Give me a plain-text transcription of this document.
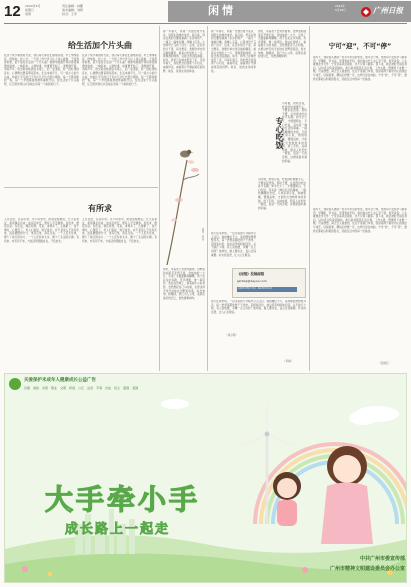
12 2024年5月
星期日
闲情
责任编辑：林鹏
美术编辑：刘婷
校对：王军	闲情	2024年
5月26日	广州日报
给生活加个片头曲
在这个快节奏的时代里，我们每天都在忙碌地奔波。早上匆匆起床，挤地铁，赶公交，一天的工作与学习让人身心疲惫。于是我常常想，能不能给生活加一个片头曲？就像电视剧开场时那段熟悉的旋律，一响起来，人就知道，故事要开始了。清晨推开窗，鸟鸣声声，阳光斜斜地洒在书桌上，泡一壶清茶，听一段轻快的音乐，心情便也跟着明亮起来。生活本就平凡，可一段小小的片头曲，却能让平凡的日子多出几分仪式感与期待。每一天都是新的一集，每一个早晨都值得被郑重地开启。给生活加个片头曲吧，让它陪伴我们从容地走进每一个崭新的日子。
在这个快节奏的时代里，我们每天都在忙碌地奔波。早上匆匆起床，挤地铁，赶公交，一天的工作与学习让人身心疲惫。于是我常常想，能不能给生活加一个片头曲？就像电视剧开场时那段熟悉的旋律，一响起来，人就知道，故事要开始了。清晨推开窗，鸟鸣声声，阳光斜斜地洒在书桌上，泡一壶清茶，听一段轻快的音乐，心情便也跟着明亮起来。生活本就平凡，可一段小小的片头曲，却能让平凡的日子多出几分仪式感与期待。每一天都是新的一集，每一个早晨都值得被郑重地开启。给生活加个片头曲吧，让它陪伴我们从容地走进每一个崭新的日子。
有所求
人生在世，总有所求。年少时求学，盼望金榜题名；长大后求业，希望事业有成；成家后求安，愿家人平安健康。有所求，便有所追；有所追，便有所得。可是，求得多了，心便累了；求不得时，心便苦了。老人们常说，知足常乐。并不是说人不该有所求，而是要懂得分寸，求其可求，舍其当舍。一个人若无所求，便少了前行的动力；一个人若所求太多，便少了生活的乐趣。有所求，亦有所不求，方能活得洒脱自在，不负此生。
人生在世，总有所求。年少时求学，盼望金榜题名；长大后求业，希望事业有成；成家后求安，愿家人平安健康。有所求，便有所追；有所追，便有所得。可是，求得多了，心便累了；求不得时，心便苦了。老人们常说，知足常乐。并不是说人不该有所求，而是要懂得分寸，求其可求，舍其当舍。一个人若无所求，便少了前行的动力；一个人若所求太多，便少了生活的乐趣。有所求，亦有所不求，方能活得洒脱自在，不负此生。
那一年春天，我第一次独自离开家乡，到陌生的城市求学。临行前，母亲在我的行囊里塞满了家乡的特产，一遍又一遍地叮嘱。我嘴上应着，心里却早已飞向了远方。后来，在异乡的日子里，每当想家，我便会拿出母亲做的腌菜，就着白米饭吃上一口，那熟悉的味道，总能让我泪流满面。如今，我早已在城市里安了家，可每年春天，我依然会回到那个小村庄，看看母亲，看看那片开满油菜花的田野。故乡，是我永远的牵挂。
插图：陈佳
周末，带着孩子去郊外踏青。田野里的油菜花开得正盛，金灿灿的一大片，引来了无数蜜蜂和蝴蝶。孩子在花丛中奔跑，笑声清脆，像一串风铃。我站在田埂上，看着她小小的身影，忽然想起自己小时候，也曾这样无忧无虑地在田野里追逐。时光匆匆，转眼间，我已为人父母，而那些美好的记忆，依然清晰如昨。
那一年春天，我第一次独自离开家乡，到陌生的城市求学。临行前，母亲在我的行囊里塞满了家乡的特产，一遍又一遍地叮嘱。我嘴上应着，心里却早已飞向了远方。后来，在异乡的日子里，每当想家，我便会拿出母亲做的腌菜，就着白米饭吃上一口，那熟悉的味道，总能让我泪流满面。如今，我早已在城市里安了家，可每年春天，我依然会回到那个小村庄，看看母亲，看看那片开满油菜花的田野。故乡，是我永远的牵挂。
那天在菜市场，一位卖菜的大爷格外引人注目。他的摊位不大，菜却摆放得整整齐齐，每一把青菜都洗得干干净净。有顾客问价，他总是笑呵呵地回答，从不缺斤少两。有人说他傻，多赚一点又何妨？他却说，做人要实在，良心比钱重要。朴实的话语，让人心生敬意。
（刘小明）
周末，带着孩子去郊外踏青。田野里的油菜花开得正盛，金灿灿的一大片，引来了无数蜜蜂和蝴蝶。孩子在花丛中奔跑，笑声清脆，像一串风铃。我站在田埂上，看着她小小的身影，忽然想起自己小时候，也曾这样无忧无虑地在田野里追逐。时光匆匆，转眼间，我已为人父母，而那些美好的记忆，依然清晰如昨。
专心吃饭
小时候，奶奶总说，吃饭的时候要专心，不要东张西望。那时不懂，总觉得边吃边玩才有趣。如今长大了，才慢慢明白，专心吃饭，其实是一种对生活的尊重。一碗热腾腾的米饭，几样家常小菜，细细咀嚼，慢慢品味，才能吃出食物原本的香甜。放下手机，关掉电视，陪家人好好吃一顿饭，说说一天的见闻，这便是最朴素的幸福。
小时候，奶奶总说，吃饭的时候要专心，不要东张西望。那时不懂，总觉得边吃边玩才有趣。如今长大了，才慢慢明白，专心吃饭，其实是一种对生活的尊重。一碗热腾腾的米饭，几样家常小菜，细细咀嚼，慢慢品味，才能吃出食物原本的香甜。放下手机，关掉电视，陪家人好好吃一顿饭，说说一天的见闻，这便是最朴素的幸福。
《闲情》投稿邮箱
gzrbxq@dayoo.com
来稿请注明真实姓名、联系地址及电话
那天在菜市场，一位卖菜的大爷格外引人注目。他的摊位不大，菜却摆放得整整齐齐，每一把青菜都洗得干干净净。有顾客问价，他总是笑呵呵地回答，从不缺斤少两。有人说他傻，多赚一点又何妨？他却说，做人要实在，良心比钱重要。朴实的话语，让人心生敬意。
（李梅）
宁可“迎”，不可“停”
前些天，我在街头遇到一位多年未见的老友。他年过六旬，依然每天坚持学习新东西，学摄影、学书法、学用智能手机。我问他为什么这么有干劲，他笑着说：人生就像逆水行舟，宁可迎着风浪前进，也不可停下脚步。停下来，就会被时代甩在身后。这句话让我深受触动。我们常常抱怨生活太难，工作太累，想要停下来歇一歇。可是细想，真正让人疲惫的，往往不是前行本身，而是停滞不前时内心的焦虑与迷茫。迎着困难，哪怕走得慢一些，也终归是在向前。宁可“迎”，不可“停”，愿我们都能以积极的姿态，迎接生活中的每一次挑战。
前些天，我在街头遇到一位多年未见的老友。他年过六旬，依然每天坚持学习新东西，学摄影、学书法、学用智能手机。我问他为什么这么有干劲，他笑着说：人生就像逆水行舟，宁可迎着风浪前进，也不可停下脚步。停下来，就会被时代甩在身后。这句话让我深受触动。我们常常抱怨生活太难，工作太累，想要停下来歇一歇。可是细想，真正让人疲惫的，往往不是前行本身，而是停滞不前时内心的焦虑与迷茫。迎着困难，哪怕走得慢一些，也终归是在向前。宁可“迎”，不可“停”，愿我们都能以积极的姿态，迎接生活中的每一次挑战。
（张晓红）
关爱保护未成年人健康成长公益广告
自强 诚信 友善 敬业 文明 和谐 公正 法治 平等 自由 民主 富强 爱国
大手牵小手
成长路上一起走
中共广州市委宣传部
广州市精神文明建设委员会办公室
